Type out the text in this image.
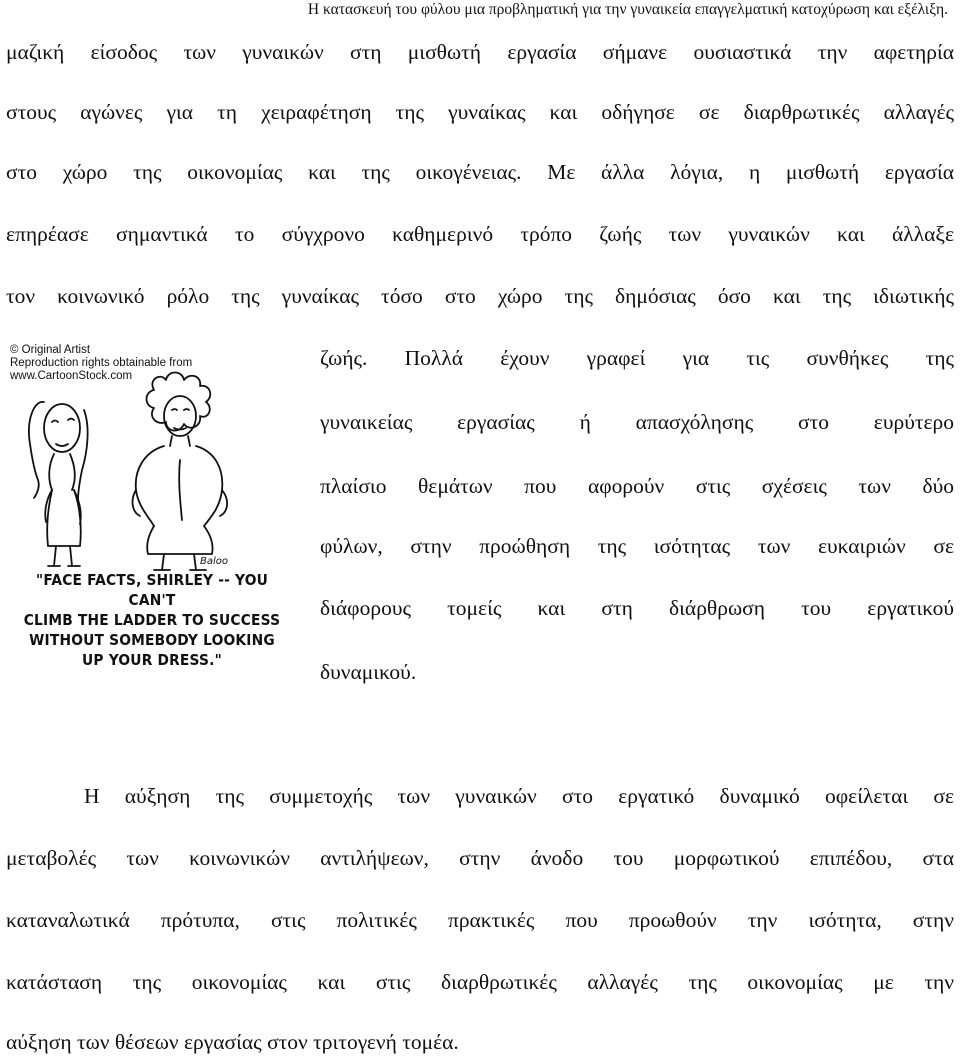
Η κατασκευή του φύλου μια προβληματική για την γυναικεία επαγγελματική κατοχύρωση και εξέλιξη.
μαζική είσοδος των γυναικών στη μισθωτή εργασία σήμανε ουσιαστικά την αφετηρία
στους αγώνες για τη χειραφέτηση της γυναίκας και οδήγησε σε διαρθρωτικές αλλαγές
στο χώρο της οικονομίας και της οικογένειας. Με άλλα λόγια, η μισθωτή εργασία
επηρέασε σημαντικά το σύγχρονο καθημερινό τρόπο ζωής των γυναικών και άλλαξε
τον κοινωνικό ρόλο της γυναίκας τόσο στο χώρο της δημόσιας όσο και της ιδιωτικής
© Original Artist
Reproduction rights obtainable from
www.CartoonStock.com
Baloo
"FACE FACTS, SHIRLEY -- YOU CAN'T
CLIMB THE LADDER TO SUCCESS
WITHOUT SOMEBODY LOOKING
UP YOUR DRESS."
ζωής. Πολλά έχουν γραφεί για τις συνθήκες της
γυναικείας εργασίας ή απασχόλησης στο ευρύτερο
πλαίσιο θεμάτων που αφορούν στις σχέσεις των δύο
φύλων, στην προώθηση της ισότητας των ευκαιριών σε
διάφορους τομείς και στη διάρθρωση του εργατικού
δυναμικού.
Η αύξηση της συμμετοχής των γυναικών στο εργατικό δυναμικό οφείλεται σε
μεταβολές των κοινωνικών αντιλήψεων, στην άνοδο του μορφωτικού επιπέδου, στα
καταναλωτικά πρότυπα, στις πολιτικές πρακτικές που προωθούν την ισότητα, στην
κατάσταση της οικονομίας και στις διαρθρωτικές αλλαγές της οικονομίας με την
αύξηση των θέσεων εργασίας στον τριτογενή τομέα.
